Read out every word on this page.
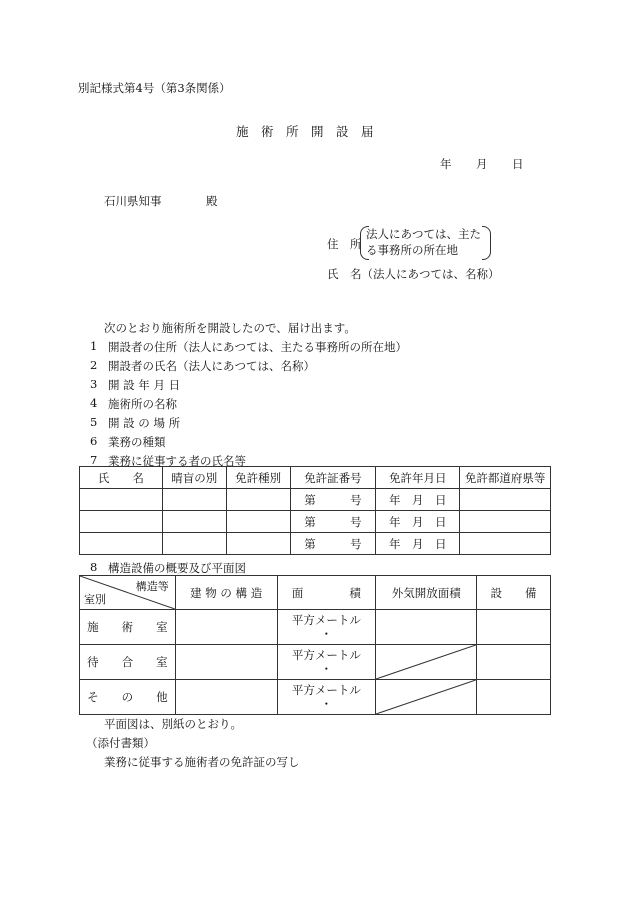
別記様式第4号（第3条関係）
施　術　所　開　設　届
年 月 日
石川県知事	殿
住　所
法人にあつては、主た
る事務所の所在地
氏　名（法人にあつては、名称）
次のとおり施術所を開設したので、届け出ます。
1 開設者の住所（法人にあつては、主たる事務所の所在地）
2 開設者の氏名（法人にあつては、名称）
3 開 設 年 月 日
4 施術所の名称
5 開 設 の 場 所
6 業務の種類
7 業務に従事する者の氏名等
氏　　名	晴盲の別	免許種別	免許証番号	免許年月日	免許都道府県等
			第　　　号	年　月　日	
			第　　　号	年　月　日	
			第　　　号	年　月　日	
8 構造設備の概要及び平面図
構造等
室別	建 物 の 構 造	面　　　　積	外気開放面積	設　　備
施　　術　　室		平方メートル
・		

待　　合　　室		平方メートル
・

そ　　の　　他		平方メートル
・

平面図は、別紙のとおり。
（添付書類）
業務に従事する施術者の免許証の写し
